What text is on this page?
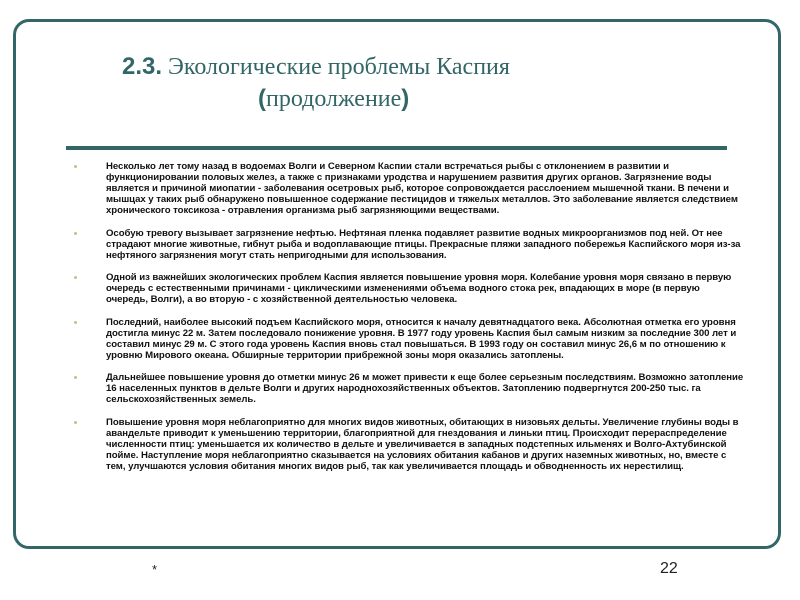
2.3. Экологические проблемы Каспия
(продолжение)
Несколько лет тому назад в водоемах Волги и Северном Каспии стали встречаться рыбы с отклонением в развитии и функционировании половых желез, а также с признаками уродства и нарушением развития других органов. Загрязнение воды является и причиной миопатии - заболевания осетровых рыб, которое сопровождается расслоением мышечной ткани. В печени и мышцах у таких рыб обнаружено повышенное содержание пестицидов и тяжелых металлов. Это заболевание является следствием хронического токсикоза - отравления организма рыб загрязняющими веществами.
Особую тревогу вызывает загрязнение нефтью. Нефтяная пленка подавляет развитие водных микроорганизмов под ней. От нее страдают многие животные, гибнут рыба и водоплавающие птицы. Прекрасные пляжи западного побережья Каспийского моря из-за нефтяного загрязнения могут стать непригодными для использования.
Одной из важнейших экологических проблем Каспия является повышение уровня моря. Колебание уровня моря связано в первую очередь с естественными причинами - циклическими изменениями объема водного стока рек, впадающих в море (в первую очередь, Волги), а во вторую - с хозяйственной деятельностью человека.
Последний, наиболее высокий подъем Каспийского моря, относится к началу девятнадцатого века. Абсолютная отметка его уровня достигла минус 22 м. Затем последовало понижение уровня. В 1977 году уровень Каспия был самым низким за последние 300 лет и составил минус 29 м. С этого года уровень Каспия вновь стал повышаться. В 1993 году он составил минус 26,6 м по отношению к уровню Мирового океана. Обширные территории прибрежной зоны моря оказались затоплены.
Дальнейшее повышение уровня до отметки минус 26 м может привести к еще более серьезным последствиям. Возможно затопление 16 населенных пунктов в дельте Волги и других народнохозяйственных объектов. Затоплению подвергнутся 200-250 тыс. га сельскохозяйственных земель.
Повышение уровня моря неблагоприятно для многих видов животных, обитающих в низовьях дельты. Увеличение глубины воды в авандельте приводит к уменьшению территории, благоприятной для гнездования и линьки птиц. Происходит перераспределение численности птиц: уменьшается их количество в дельте и увеличивается в западных подстепных ильменях и Волго-Ахтубинской пойме. Наступление моря неблагоприятно сказывается на условиях обитания кабанов и других наземных животных, но, вместе с тем, улучшаются условия обитания многих видов рыб, так как увеличивается площадь и обводненность их нерестилищ.
*	22
